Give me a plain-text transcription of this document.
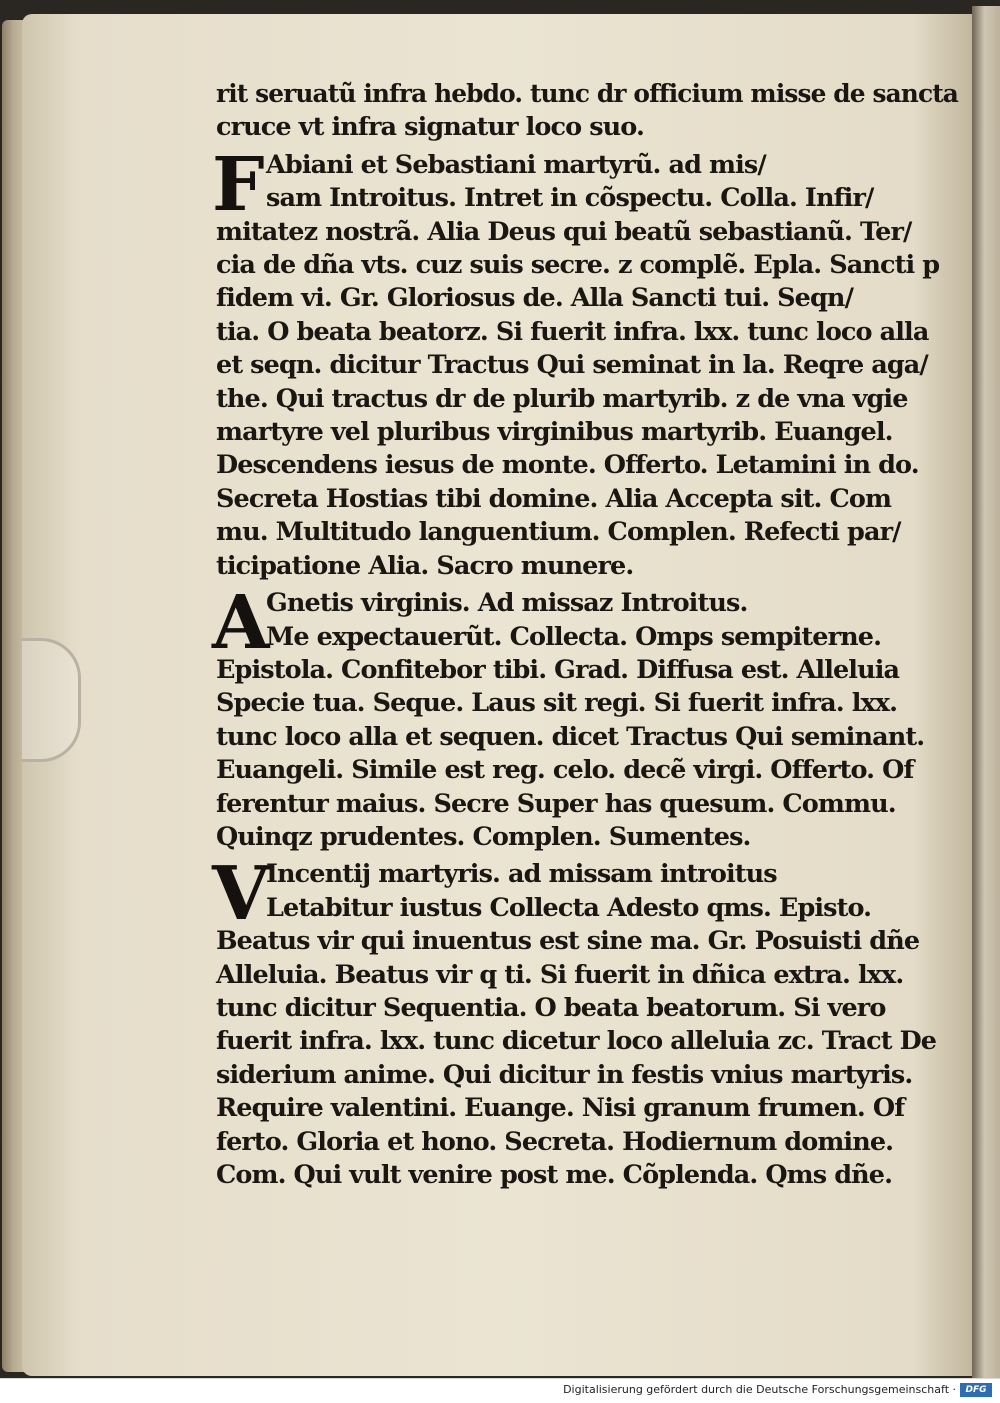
rit seruatũ infra hebdo. tunc dr officium misse de sancta

cruce vt infra signatur loco suo.

F Abiani et Sebastiani martyrũ. ad mis/

sam Introitus. Intret in cõspectu. Colla. Infir/

mitatez nostrã. Alia Deus qui beatũ sebastianũ. Ter/

cia de dña vts. cuz suis secre. z complẽ. Epla. Sancti p

fidem vi. Gr. Gloriosus de. Alla Sancti tui. Seqn/

tia. O beata beatorz. Si fuerit infra. lxx. tunc loco alla

et seqn. dicitur Tractus Qui seminat in la. Reqre aga/

the. Qui tractus dr de plurib martyrib. z de vna vgie

martyre vel pluribus virginibus martyrib. Euangel.

Descendens iesus de monte. Offerto. Letamini in do.

Secreta Hostias tibi domine. Alia Accepta sit. Com

mu. Multitudo languentium. Complen. Refecti par/

ticipatione Alia. Sacro munere.

A

Gnetis virginis. Ad missaz Introitus.

Me expectauerũt. Collecta. Omps sempiterne.

Epistola. Confitebor tibi. Grad. Diffusa est. Alleluia

Specie tua. Seque. Laus sit regi. Si fuerit infra. lxx.

tunc loco alla et sequen. dicet Tractus Qui seminant.

Euangeli. Simile est reg. celo. decẽ virgi. Offerto. Of

ferentur maius. Secre Super has quesum. Commu.

Quinqz prudentes. Complen. Sumentes.

V

Incentij martyris. ad missam introitus

Letabitur iustus Collecta Adesto qms. Episto.

Beatus vir qui inuentus est sine ma. Gr. Posuisti dñe

Alleluia. Beatus vir q ti. Si fuerit in dñica extra. lxx.

tunc dicitur Sequentia. O beata beatorum. Si vero

fuerit infra. lxx. tunc dicetur loco alleluia zc. Tract De

siderium anime. Qui dicitur in festis vnius martyris.

Require valentini. Euange. Nisi granum frumen. Of

ferto. Gloria et hono. Secreta. Hodiernum domine.

Com. Qui vult venire post me. Cõplenda. Qms dñe.

Digitalisierung gefördert durch die Deutsche Forschungsgemeinschaft ·	DFG
